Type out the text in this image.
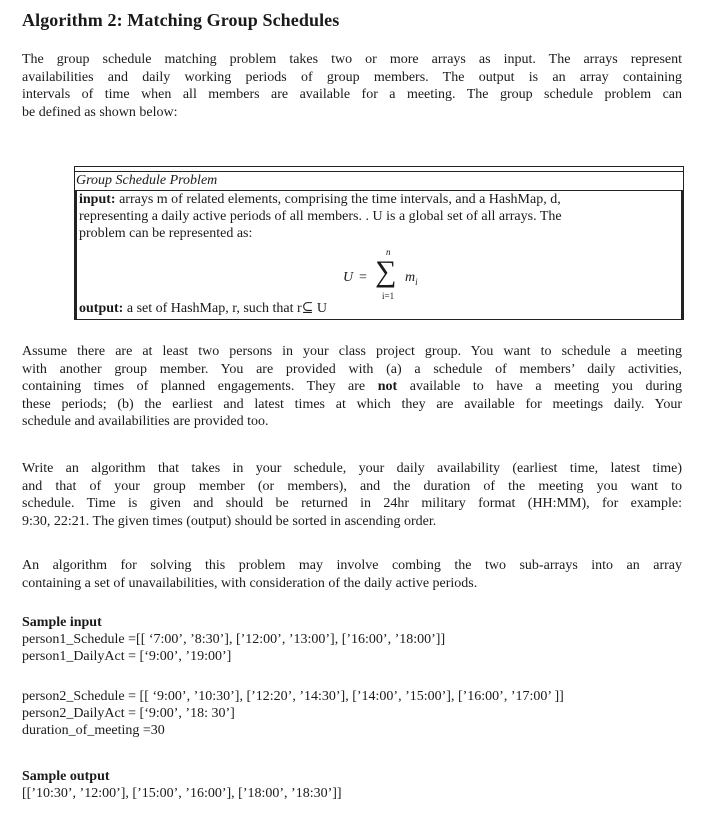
Algorithm 2: Matching Group Schedules
The group schedule matching problem takes two or more arrays as input. The arrays represent
availabilities and daily working periods of group members. The output is an array containing
intervals of time when all members are available for a meeting. The group schedule problem can
be defined as shown below:
Group Schedule Problem
input: arrays m of related elements, comprising the time intervals, and a HashMap, d,
representing a daily active periods of all members. . U is a global set of all arrays. The
problem can be represented as:
n
U = ∑ $m_i$
i=1
output: a set of HashMap, r, such that r⊆ U
Assume there are at least two persons in your class project group. You want to schedule a meeting
with another group member. You are provided with (a) a schedule of members’ daily activities,
containing times of planned engagements. They are not available to have a meeting you during
these periods; (b) the earliest and latest times at which they are available for meetings daily. Your
schedule and availabilities are provided too.
Write an algorithm that takes in your schedule, your daily availability (earliest time, latest time)
and that of your group member (or members), and the duration of the meeting you want to
schedule. Time is given and should be returned in 24hr military format (HH:MM), for example:
9:30, 22:21. The given times (output) should be sorted in ascending order.
An algorithm for solving this problem may involve combing the two sub-arrays into an array
containing a set of unavailabilities, with consideration of the daily active periods.
Sample input
person1_Schedule =[[ ‘7:00’, ’8:30’], [’12:00’, ’13:00’], [’16:00’, ’18:00’]]
person1_DailyAct = [‘9:00’, ’19:00’]
person2_Schedule = [[ ‘9:00’, ’10:30’], [’12:20’, ’14:30’], [’14:00’, ’15:00’], [’16:00’, ’17:00’ ]]
person2_DailyAct = [‘9:00’, ’18: 30’]
duration_of_meeting =30
Sample output
[[’10:30’, ’12:00’], [’15:00’, ’16:00’], [’18:00’, ’18:30’]]
